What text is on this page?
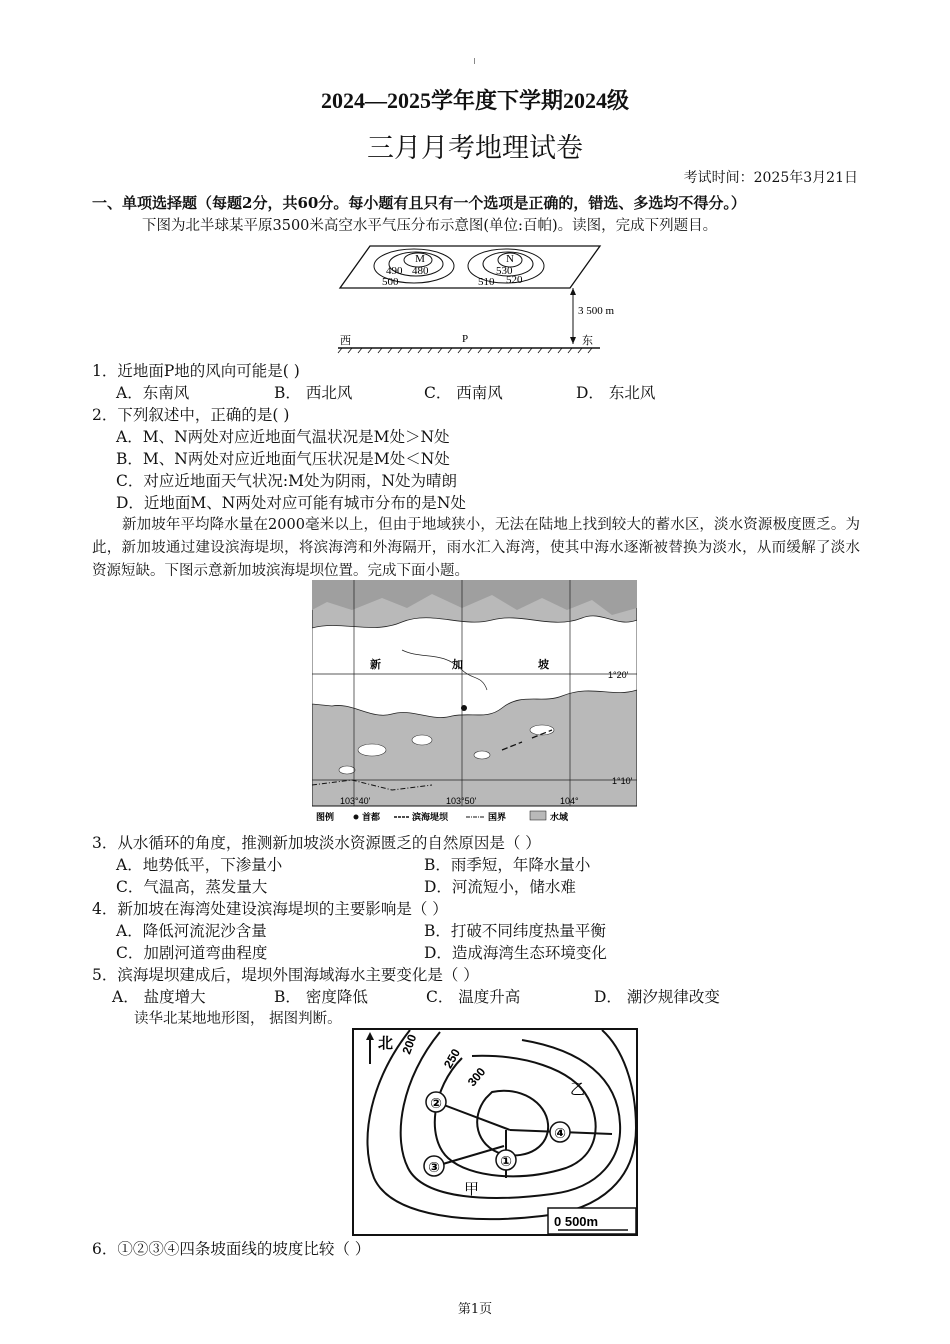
2024—2025学年度下学期2024级
三月月考地理试卷
考试时间：2025年3月21日
一、单项选择题（每题2分，共60分。每小题有且只有一个选项是正确的，错选、多选均不得分。）
下图为北半球某平原3500米高空水平气压分布示意图(单位:百帕)。读图，完成下列题目。
M
490 480
500
N
530
510 520
3 500 m
西	P	东
1．近地面P地的风向可能是( )
A．东南风	B． 西北风	C． 西南风	D． 东北风
2．下列叙述中，正确的是( )
A．M、N两处对应近地面气温状况是M处＞N处
B．M、N两处对应近地面气压状况是M处＜N处
C．对应近地面天气状况:M处为阴雨，N处为晴朗
D．近地面M、N两处对应可能有城市分布的是N处
新加坡年平均降水量在2000毫米以上，但由于地域狭小，无法在陆地上找到较大的蓄水区，淡水资源极度匮乏。为此，新加坡通过建设滨海堤坝，将滨海湾和外海隔开，雨水汇入海湾，使其中海水逐渐被替换为淡水，从而缓解了淡水资源短缺。下图示意新加坡滨海堤坝位置。完成下面小题。
新	加	坡
1°20'
1°10'
103°40'	103°50'	104°
图例	首都	滨海堤坝	国界	水域
3．从水循环的角度，推测新加坡淡水资源匮乏的自然原因是（ ）
A．地势低平，下渗量小	B．雨季短，年降水量小
C．气温高，蒸发量大	D．河流短小，储水难
4．新加坡在海湾处建设滨海堤坝的主要影响是（ ）
A．降低河流泥沙含量	B．打破不同纬度热量平衡
C．加剧河道弯曲程度	D．造成海湾生态环境变化
5．滨海堤坝建成后，堤坝外围海域海水主要变化是（ ）
A． 盐度增大	B． 密度降低	C． 温度升高	D． 潮汐规律改变
读华北某地地形图， 据图判断。
北 200
250
300	乙
甲
②
①
③
④
0 500m
6．①②③④四条坡面线的坡度比较（ ）
第1页
